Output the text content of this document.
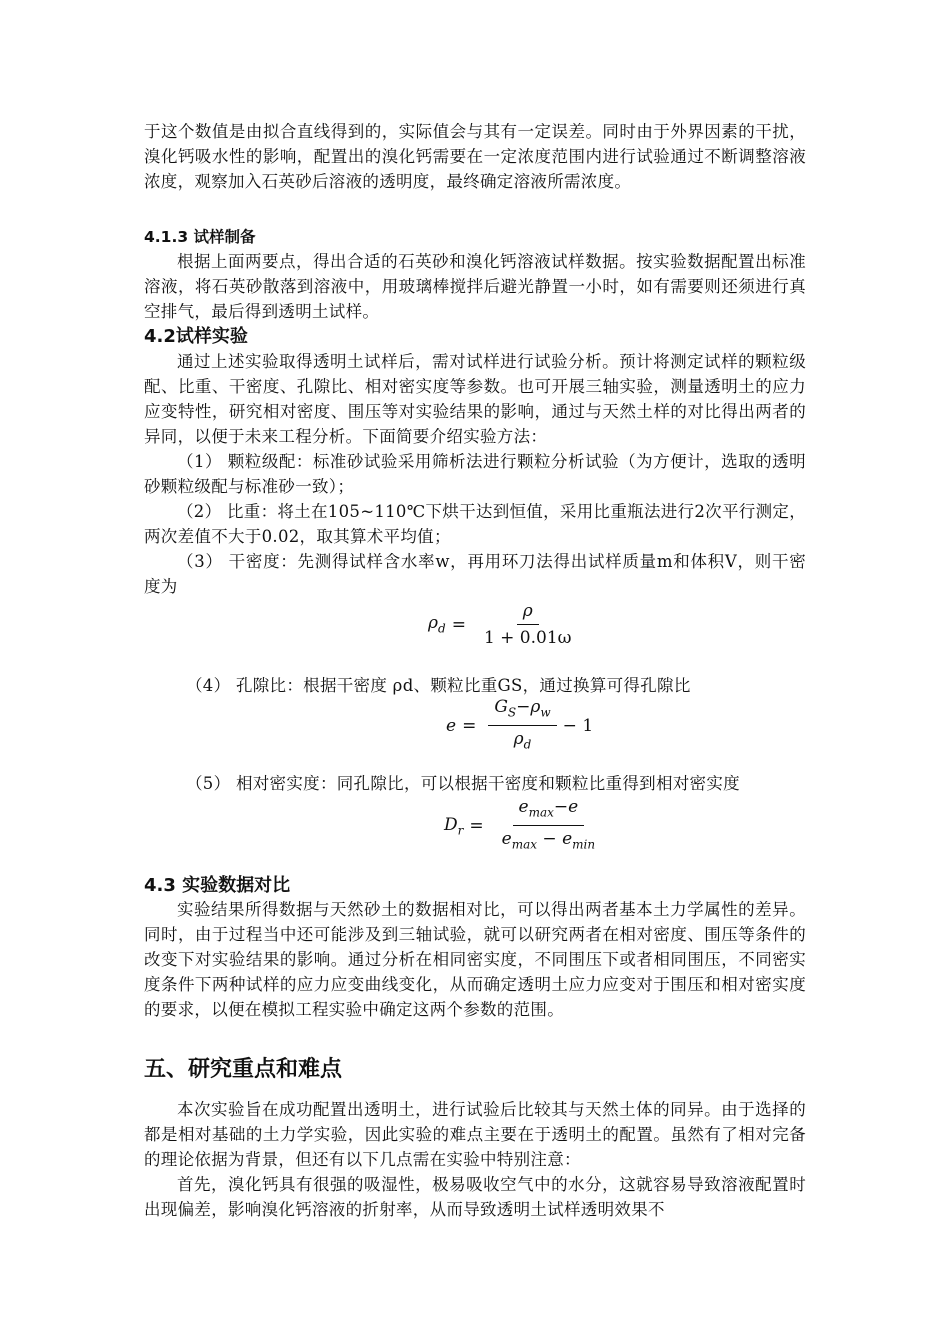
于这个数值是由拟合直线得到的，实际值会与其有一定误差。同时由于外界因素的干扰，溴化钙吸水性的影响，配置出的溴化钙需要在一定浓度范围内进行试验通过不断调整溶液浓度，观察加入石英砂后溶液的透明度，最终确定溶液所需浓度。

4.1.3 试样制备

根据上面两要点，得出合适的石英砂和溴化钙溶液试样数据。按实验数据配置出标准溶液，将石英砂散落到溶液中，用玻璃棒搅拌后避光静置一小时，如有需要则还须进行真空排气，最后得到透明土试样。

4.2试样实验

通过上述实验取得透明土试样后，需对试样进行试验分析。预计将测定试样的颗粒级配、比重、干密度、孔隙比、相对密实度等参数。也可开展三轴实验，测量透明土的应力应变特性，研究相对密度、围压等对实验结果的影响，通过与天然土样的对比得出两者的异同，以便于未来工程分析。下面简要介绍实验方法：

（1） 颗粒级配：标准砂试验采用筛析法进行颗粒分析试验（为方便计，选取的透明砂颗粒级配与标准砂一致）；

（2） 比重：将土在105~110℃下烘干达到恒值，采用比重瓶法进行2次平行测定，两次差值不大于0.02，取其算术平均值；

（3） 干密度：先测得试样含水率w，再用环刀法得出试样质量m和体积V，则干密度为

$\rho_d = \frac{\rho}{1 + 0.01\omega}$

（4） 孔隙比：根据干密度 ρd、颗粒比重GS，通过换算可得孔隙比

$e = \frac{G_S-\rho_w}{\rho_d} - 1$

（5） 相对密实度：同孔隙比，可以根据干密度和颗粒比重得到相对密实度

$D_r = \frac{e_{max}-e}{e_{max} - e_{min}}$

4.3 实验数据对比

实验结果所得数据与天然砂土的数据相对比，可以得出两者基本土力学属性的差异。同时，由于过程当中还可能涉及到三轴试验，就可以研究两者在相对密度、围压等条件的改变下对实验结果的影响。通过分析在相同密实度，不同围压下或者相同围压，不同密实度条件下两种试样的应力应变曲线变化，从而确定透明土应力应变对于围压和相对密实度的要求，以便在模拟工程实验中确定这两个参数的范围。

五、研究重点和难点

本次实验旨在成功配置出透明土，进行试验后比较其与天然土体的同异。由于选择的都是相对基础的土力学实验，因此实验的难点主要在于透明土的配置。虽然有了相对完备的理论依据为背景，但还有以下几点需在实验中特别注意：

首先，溴化钙具有很强的吸湿性，极易吸收空气中的水分，这就容易导致溶液配置时出现偏差，影响溴化钙溶液的折射率，从而导致透明土试样透明效果不
